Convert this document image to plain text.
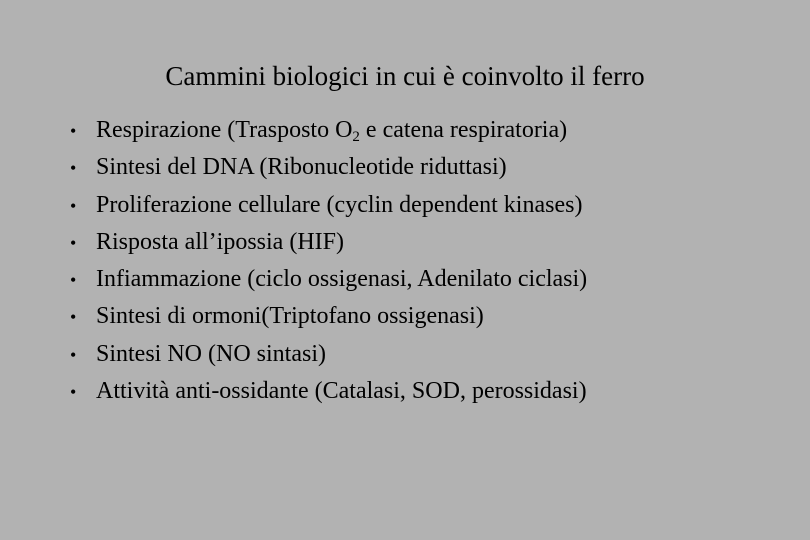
Cammini biologici in cui è coinvolto il ferro
• Respirazione (Trasposto $O_2$ e catena respiratoria)
• Sintesi del DNA (Ribonucleotide riduttasi)
• Proliferazione cellulare (cyclin dependent kinases)
• Risposta all’ipossia (HIF)
• Infiammazione (ciclo ossigenasi, Adenilato ciclasi)
• Sintesi di ormoni(Triptofano ossigenasi)
• Sintesi NO (NO sintasi)
• Attività anti-ossidante (Catalasi, SOD, perossidasi)
